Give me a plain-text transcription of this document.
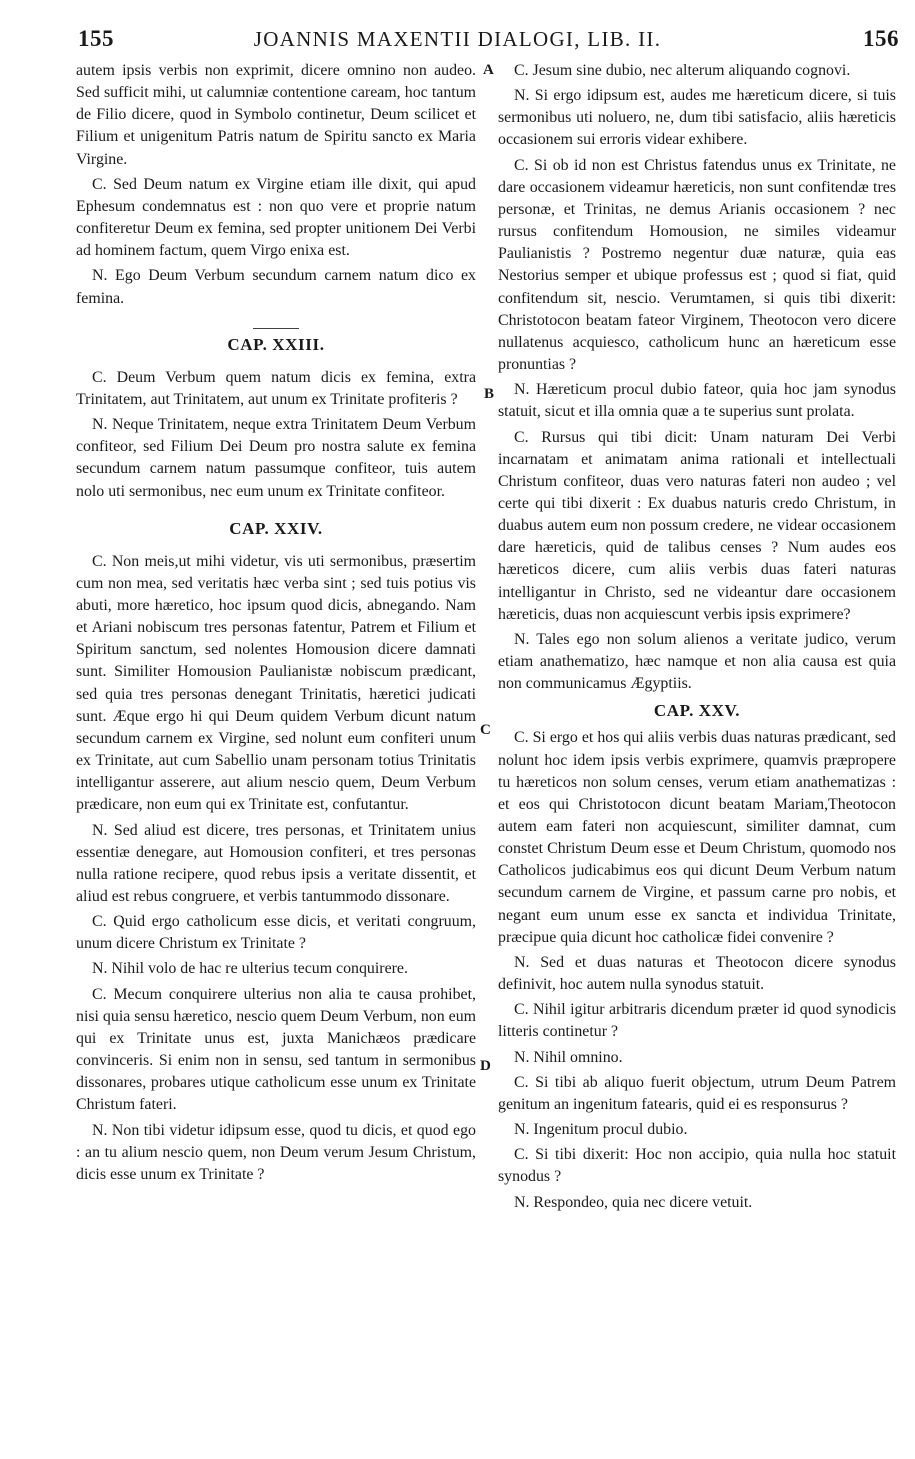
155	JOANNIS MAXENTII DIALOGI, LIB. II.	156
A
B
C
D

autem ipsis verbis non exprimit, dicere omnino non audeo. Sed sufficit mihi, ut calumniæ contentione caream, hoc tantum de Filio dicere, quod in Symbolo continetur, Deum scilicet et Filium et unigenitum Patris natum de Spiritu sancto ex Maria Virgine.

C. Sed Deum natum ex Virgine etiam ille dixit, qui apud Ephesum condemnatus est : non quo vere et proprie natum confiteretur Deum ex femina, sed propter unitionem Dei Verbi ad hominem factum, quem Virgo enixa est.

N. Ego Deum Verbum secundum carnem natum dico ex femina.

CAP. XXIII.

C. Deum Verbum quem natum dicis ex femina, extra Trinitatem, aut Trinitatem, aut unum ex Trinitate profiteris ?

N. Neque Trinitatem, neque extra Trinitatem Deum Verbum confiteor, sed Filium Dei Deum pro nostra salute ex femina secundum carnem natum passumque confiteor, tuis autem nolo uti sermonibus, nec eum unum ex Trinitate confiteor.

CAP. XXIV.

C. Non meis,ut mihi videtur, vis uti sermonibus, præsertim cum non mea, sed veritatis hæc verba sint ; sed tuis potius vis abuti, more hæretico, hoc ipsum quod dicis, abnegando. Nam et Ariani nobiscum tres personas fatentur, Patrem et Filium et Spiritum sanctum, sed nolentes Homousion dicere damnati sunt. Similiter Homousion Paulianistæ nobiscum prædicant, sed quia tres personas denegant Trinitatis, hæretici judicati sunt. Æque ergo hi qui Deum quidem Verbum dicunt natum secundum carnem ex Virgine, sed nolunt eum confiteri unum ex Trinitate, aut cum Sabellio unam personam totius Trinitatis intelligantur asserere, aut alium nescio quem, Deum Verbum prædicare, non eum qui ex Trinitate est, confutantur.

N. Sed aliud est dicere, tres personas, et Trinitatem unius essentiæ denegare, aut Homousion confiteri, et tres personas nulla ratione recipere, quod rebus ipsis a veritate dissentit, et aliud est rebus congruere, et verbis tantummodo dissonare.

C. Quid ergo catholicum esse dicis, et veritati congruum, unum dicere Christum ex Trinitate ?

N. Nihil volo de hac re ulterius tecum conquirere.

C. Mecum conquirere ulterius non alia te causa prohibet, nisi quia sensu hæretico, nescio quem Deum Verbum, non eum qui ex Trinitate unus est, juxta Manichæos prædicare convinceris. Si enim non in sensu, sed tantum in sermonibus dissonares, probares utique catholicum esse unum ex Trinitate Christum fateri.

N. Non tibi videtur idipsum esse, quod tu dicis, et quod ego : an tu alium nescio quem, non Deum verum Jesum Christum, dicis esse unum ex Trinitate ?

C. Jesum sine dubio, nec alterum aliquando cognovi.

N. Si ergo idipsum est, audes me hæreticum dicere, si tuis sermonibus uti noluero, ne, dum tibi satisfacio, aliis hæreticis occasionem sui erroris videar exhibere.

C. Si ob id non est Christus fatendus unus ex Trinitate, ne dare occasionem videamur hæreticis, non sunt confitendæ tres personæ, et Trinitas, ne demus Arianis occasionem ? nec rursus confitendum Homousion, ne similes videamur Paulianistis ? Postremo negentur duæ naturæ, quia eas Nestorius semper et ubique professus est ; quod si fiat, quid confitendum sit, nescio. Verumtamen, si quis tibi dixerit: Christotocon beatam fateor Virginem, Theotocon vero dicere nullatenus acquiesco, catholicum hunc an hæreticum esse pronuntias ?

N. Hæreticum procul dubio fateor, quia hoc jam synodus statuit, sicut et illa omnia quæ a te superius sunt prolata.

C. Rursus qui tibi dicit: Unam naturam Dei Verbi incarnatam et animatam anima rationali et intellectuali Christum confiteor, duas vero naturas fateri non audeo ; vel certe qui tibi dixerit : Ex duabus naturis credo Christum, in duabus autem eum non possum credere, ne videar occasionem dare hæreticis, quid de talibus censes ? Num audes eos hæreticos dicere, cum aliis verbis duas fateri naturas intelligantur in Christo, sed ne videantur dare occasionem hæreticis, duas non acquiescunt verbis ipsis exprimere?

N. Tales ego non solum alienos a veritate judico, verum etiam anathematizo, hæc namque et non alia causa est quia non communicamus Ægyptiis.

CAP. XXV.

C. Si ergo et hos qui aliis verbis duas naturas prædicant, sed nolunt hoc idem ipsis verbis exprimere, quamvis præpropere tu hæreticos non solum censes, verum etiam anathematizas : et eos qui Christotocon dicunt beatam Mariam,Theotocon autem eam fateri non acquiescunt, similiter damnat, cum constet Christum Deum esse et Deum Christum, quomodo nos Catholicos judicabimus eos qui dicunt Deum Verbum natum secundum carnem de Virgine, et passum carne pro nobis, et negant eum unum esse ex sancta et individua Trinitate, præcipue quia dicunt hoc catholicæ fidei convenire ?

N. Sed et duas naturas et Theotocon dicere synodus definivit, hoc autem nulla synodus statuit.

C. Nihil igitur arbitraris dicendum præter id quod synodicis litteris continetur ?

N. Nihil omnino.

C. Si tibi ab aliquo fuerit objectum, utrum Deum Patrem genitum an ingenitum fatearis, quid ei es responsurus ?

N. Ingenitum procul dubio.

C. Si tibi dixerit: Hoc non accipio, quia nulla hoc statuit synodus ?

N. Respondeo, quia nec dicere vetuit.
